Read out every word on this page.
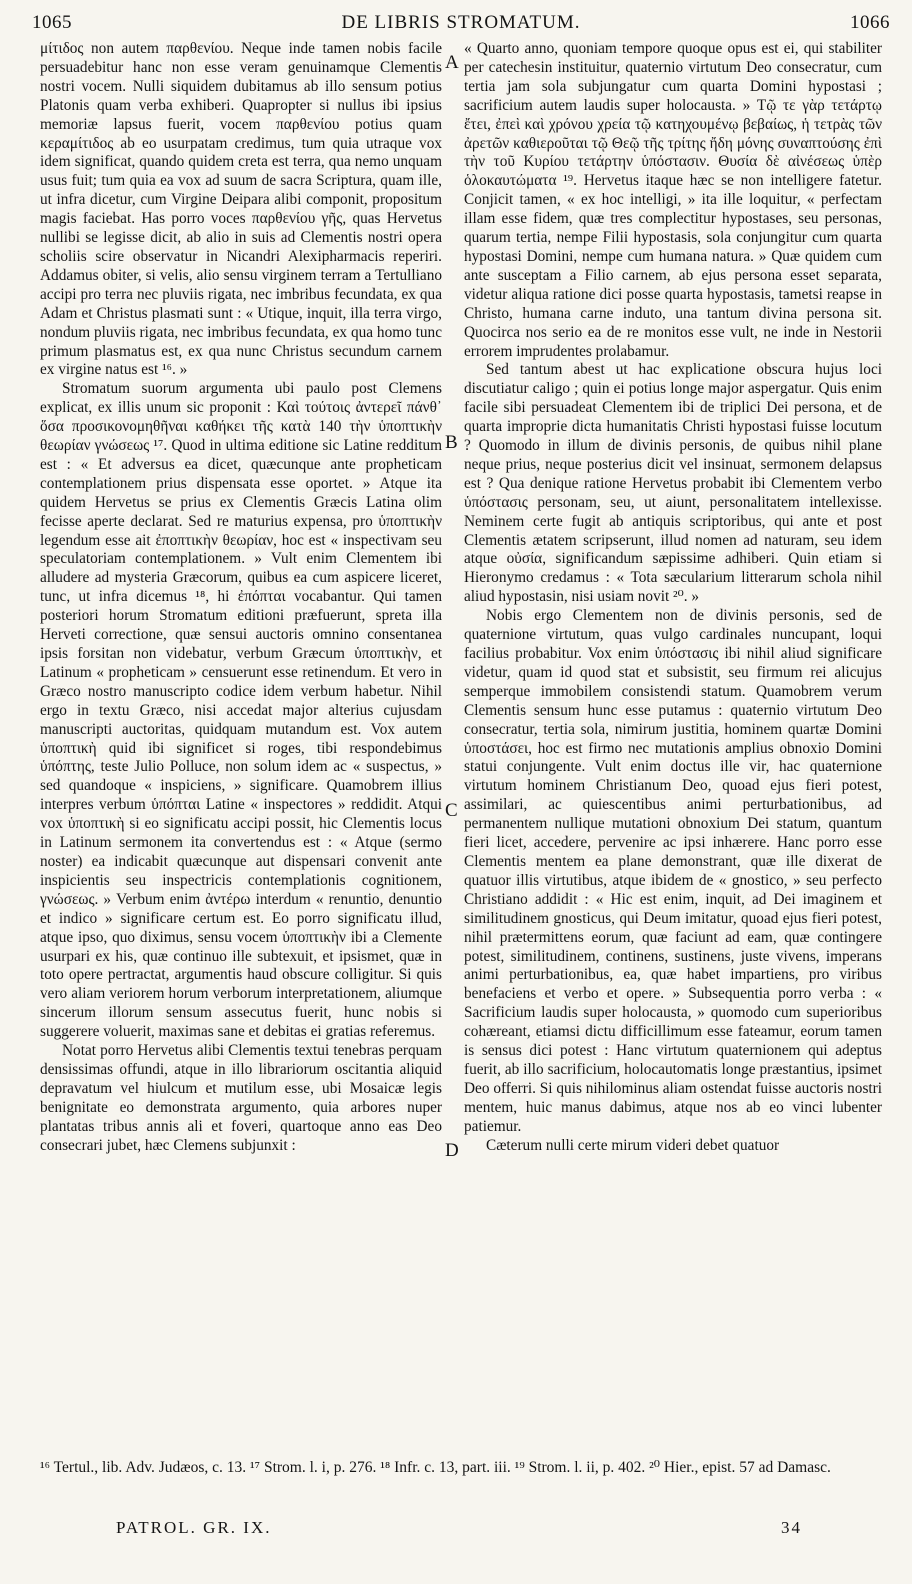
1065	DE LIBRIS STROMATUM.	1066

μίτιδος non autem παρθενίου. Neque inde tamen nobis facile persuadebitur hanc non esse veram genuinamque Clementis nostri vocem. Nulli siquidem dubitamus ab illo sensum potius Platonis quam verba exhiberi. Quapropter si nullus ibi ipsius memoriæ lapsus fuerit, vocem παρθενίου potius quam κεραμίτιδος ab eo usurpatam credimus, tum quia utraque vox idem significat, quando quidem creta est terra, qua nemo unquam usus fuit; tum quia ea vox ad suum de sacra Scriptura, quam ille, ut infra dicetur, cum Virgine Deipara alibi componit, propositum magis faciebat. Has porro voces παρθενίου γῆς, quas Hervetus nullibi se legisse dicit, ab alio in suis ad Clementis nostri opera scholiis scire observatur in Nicandri Alexipharmacis reperiri. Addamus obiter, si velis, alio sensu virginem terram a Tertulliano accipi pro terra nec pluviis rigata, nec imbribus fecundata, ex qua Adam et Christus plasmati sunt : « Utique, inquit, illa terra virgo, nondum pluviis rigata, nec imbribus fecundata, ex qua homo tunc primum plasmatus est, ex qua nunc Christus secundum carnem ex virgine natus est ¹⁶. »

Stromatum suorum argumenta ubi paulo post Clemens explicat, ex illis unum sic proponit : Καὶ τούτοις ἀντερεῖ πάνθ᾽ ὅσα προσικονομηθῆναι καθήκει τῆς κατὰ 140 τὴν ὑποπτικὴν θεωρίαν γνώσεως ¹⁷. Quod in ultima editione sic Latine redditum est : « Et adversus ea dicet, quæcunque ante propheticam contemplationem prius dispensata esse oportet. » Atque ita quidem Hervetus se prius ex Clementis Græcis Latina olim fecisse aperte declarat. Sed re maturius expensa, pro ὑποπτικὴν legendum esse ait ἐποπτικὴν θεωρίαν, hoc est « inspectivam seu speculatoriam contemplationem. » Vult enim Clementem ibi alludere ad mysteria Græcorum, quibus ea cum aspicere liceret, tunc, ut infra dicemus ¹⁸, hi ἐπόπται vocabantur. Qui tamen posteriori horum Stromatum editioni præfuerunt, spreta illa Herveti correctione, quæ sensui auctoris omnino consentanea ipsis forsitan non videbatur, verbum Græcum ὑποπτικὴν, et Latinum « propheticam » censuerunt esse retinendum. Et vero in Græco nostro manuscripto codice idem verbum habetur. Nihil ergo in textu Græco, nisi accedat major alterius cujusdam manuscripti auctoritas, quidquam mutandum est. Vox autem ὑποπτικὴ quid ibi significet si roges, tibi respondebimus ὑπόπτης, teste Julio Polluce, non solum idem ac « suspectus, » sed quandoque « inspiciens, » significare. Quamobrem illius interpres verbum ὑπόπται Latine « inspectores » reddidit. Atqui vox ὑποπτικὴ si eo significatu accipi possit, hic Clementis locus in Latinum sermonem ita convertendus est : « Atque (sermo noster) ea indicabit quæcunque aut dispensari convenit ante inspicientis seu inspectricis contemplationis cognitionem, γνώσεως. » Verbum enim ἀντέρω interdum « renuntio, denuntio et indico » significare certum est. Eo porro significatu illud, atque ipso, quo diximus, sensu vocem ὑποπτικὴν ibi a Clemente usurpari ex his, quæ continuo ille subtexuit, et ipsismet, quæ in toto opere pertractat, argumentis haud obscure colligitur. Si quis vero aliam veriorem horum verborum interpretationem, aliumque sincerum illorum sensum assecutus fuerit, hunc nobis si suggerere voluerit, maximas sane et debitas ei gratias referemus.

Notat porro Hervetus alibi Clementis textui tenebras perquam densissimas offundi, atque in illo librariorum oscitantia aliquid depravatum vel hiulcum et mutilum esse, ubi Mosaicæ legis benignitate eo demonstrata argumento, quia arbores nuper plantatas tribus annis ali et foveri, quartoque anno eas Deo consecrari jubet, hæc Clemens subjunxit :

« Quarto anno, quoniam tempore quoque opus est ei, qui stabiliter per catechesin instituitur, quaternio virtutum Deo consecratur, cum tertia jam sola subjungatur cum quarta Domini hypostasi ; sacrificium autem laudis super holocausta. » Τῷ τε γὰρ τετάρτῳ ἔτει, ἐπεὶ καὶ χρόνου χρεία τῷ κατηχουμένῳ βεβαίως, ἡ τετρὰς τῶν ἀρετῶν καθιεροῦται τῷ Θεῷ τῆς τρίτης ἤδη μόνης συναπτούσης ἐπὶ τὴν τοῦ Κυρίου τετάρτην ὑπόστασιν. Θυσία δὲ αἰνέσεως ὑπὲρ ὁλοκαυτώματα ¹⁹. Hervetus itaque hæc se non intelligere fatetur. Conjicit tamen, « ex hoc intelligi, » ita ille loquitur, « perfectam illam esse fidem, quæ tres complectitur hypostases, seu personas, quarum tertia, nempe Filii hypostasis, sola conjungitur cum quarta hypostasi Domini, nempe cum humana natura. » Quæ quidem cum ante susceptam a Filio carnem, ab ejus persona esset separata, videtur aliqua ratione dici posse quarta hypostasis, tametsi reapse in Christo, humana carne induto, una tantum divina persona sit. Quocirca nos serio ea de re monitos esse vult, ne inde in Nestorii errorem imprudentes prolabamur.

Sed tantum abest ut hac explicatione obscura hujus loci discutiatur caligo ; quin ei potius longe major aspergatur. Quis enim facile sibi persuadeat Clementem ibi de triplici Dei persona, et de quarta improprie dicta humanitatis Christi hypostasi fuisse locutum ? Quomodo in illum de divinis personis, de quibus nihil plane neque prius, neque posterius dicit vel insinuat, sermonem delapsus est ? Qua denique ratione Hervetus probabit ibi Clementem verbo ὑπόστασις personam, seu, ut aiunt, personalitatem intellexisse. Neminem certe fugit ab antiquis scriptoribus, qui ante et post Clementis ætatem scripserunt, illud nomen ad naturam, seu idem atque οὐσία, significandum sæpissime adhiberi. Quin etiam si Hieronymo credamus : « Tota sæcularium litterarum schola nihil aliud hypostasin, nisi usiam novit ²⁰. »

Nobis ergo Clementem non de divinis personis, sed de quaternione virtutum, quas vulgo cardinales nuncupant, loqui facilius probabitur. Vox enim ὑπόστασις ibi nihil aliud significare videtur, quam id quod stat et subsistit, seu firmum rei alicujus semperque immobilem consistendi statum. Quamobrem verum Clementis sensum hunc esse putamus : quaternio virtutum Deo consecratur, tertia sola, nimirum justitia, hominem quartæ Domini ὑποστάσει, hoc est firmo nec mutationis amplius obnoxio Domini statui conjungente. Vult enim doctus ille vir, hac quaternione virtutum hominem Christianum Deo, quoad ejus fieri potest, assimilari, ac quiescentibus animi perturbationibus, ad permanentem nullique mutationi obnoxium Dei statum, quantum fieri licet, accedere, pervenire ac ipsi inhærere. Hanc porro esse Clementis mentem ea plane demonstrant, quæ ille dixerat de quatuor illis virtutibus, atque ibidem de « gnostico, » seu perfecto Christiano addidit : « Hic est enim, inquit, ad Dei imaginem et similitudinem gnosticus, qui Deum imitatur, quoad ejus fieri potest, nihil prætermittens eorum, quæ faciunt ad eam, quæ contingere potest, similitudinem, continens, sustinens, juste vivens, imperans animi perturbationibus, ea, quæ habet impartiens, pro viribus benefaciens et verbo et opere. » Subsequentia porro verba : « Sacrificium laudis super holocausta, » quomodo cum superioribus cohæreant, etiamsi dictu difficillimum esse fateamur, eorum tamen is sensus dici potest : Hanc virtutum quaternionem qui adeptus fuerit, ab illo sacrificium, holocautomatis longe præstantius, ipsimet Deo offerri. Si quis nihilominus aliam ostendat fuisse auctoris nostri mentem, huic manus dabimus, atque nos ab eo vinci lubenter patiemur.

Cæterum nulli certe mirum videri debet quatuor

A
B
C
D
¹⁶ Tertul., lib. Adv. Judæos, c. 13. ¹⁷ Strom. l. i, p. 276. ¹⁸ Infr. c. 13, part. iii. ¹⁹ Strom. l. ii, p. 402. ²⁰ Hier., epist. 57 ad Damasc.
PATROL. GR. IX.	34
